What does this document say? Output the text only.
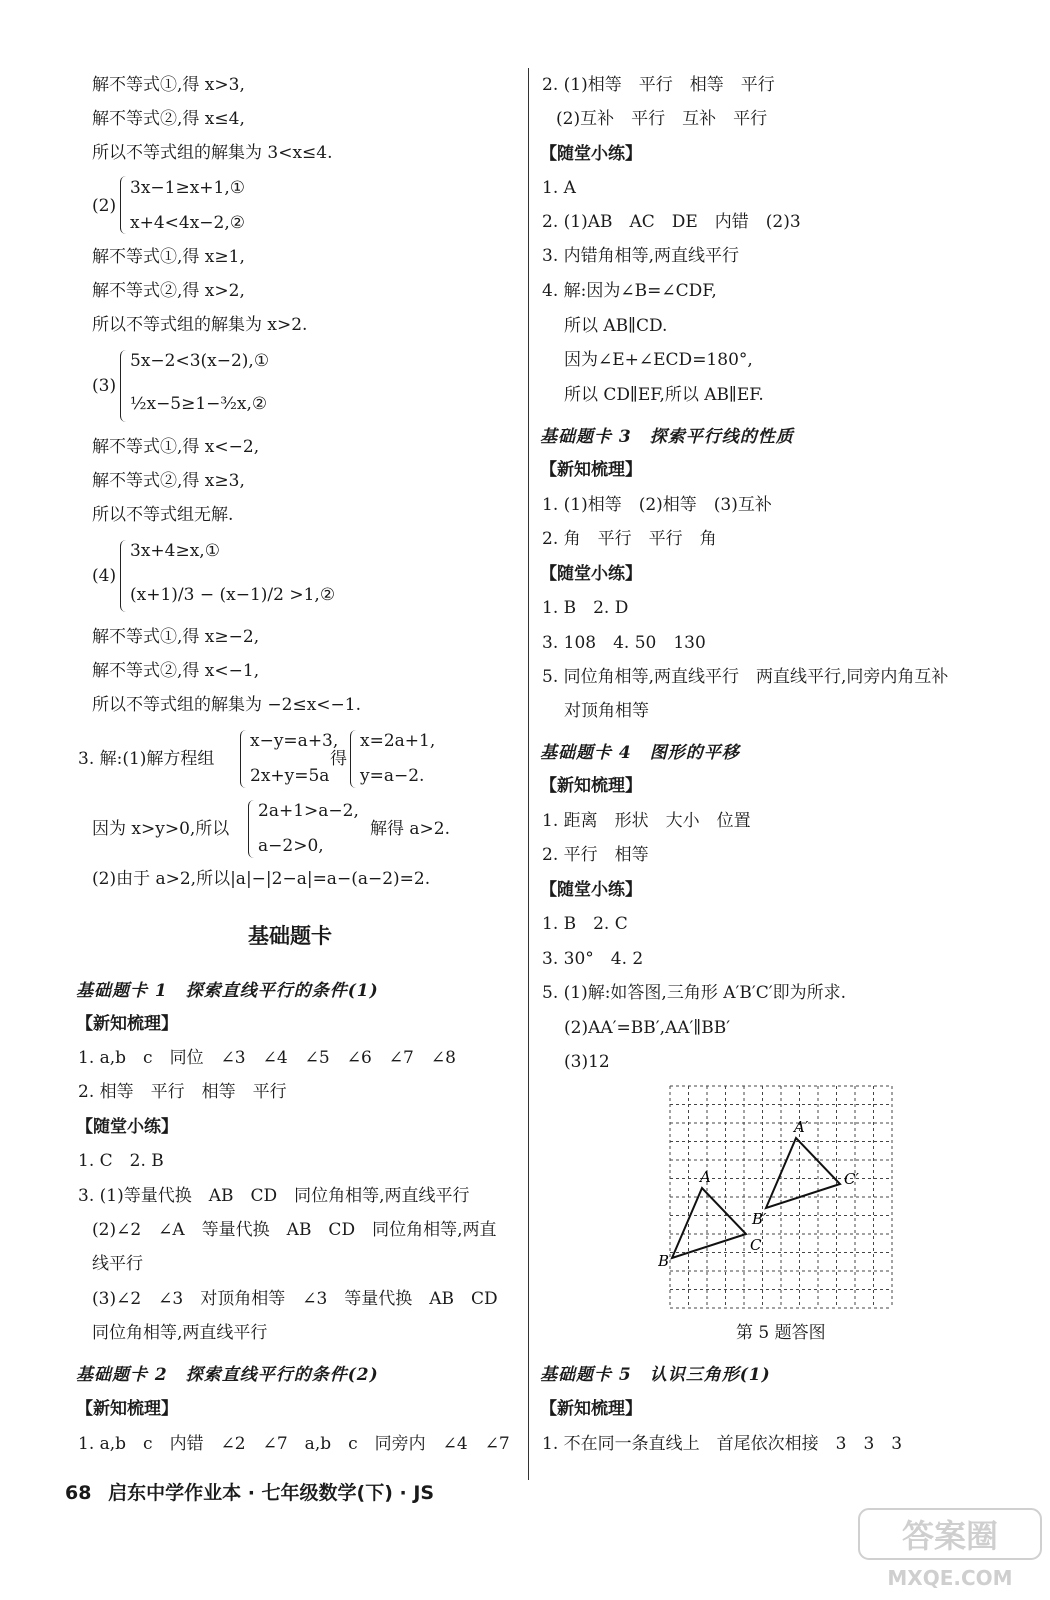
解不等式①,得 x>3,
解不等式②,得 x≤4,
所以不等式组的解集为 3<x≤4.
(2)
3x−1≥x+1,①
x+4<4x−2,②
解不等式①,得 x≥1,
解不等式②,得 x>2,
所以不等式组的解集为 x>2.
(3)
5x−2<3(x−2),①
½x−5≥1−³⁄₂x,②
解不等式①,得 x<−2,
解不等式②,得 x≥3,
所以不等式组无解.
(4)
3x+4≥x,①
(x+1)/3 − (x−1)/2 >1,②
解不等式①,得 x≥−2,
解不等式②,得 x<−1,
所以不等式组的解集为 −2≤x<−1.
3. 解:(1)解方程组
x−y=a+3,
2x+y=5a
得
x=2a+1,
y=a−2.
因为 x>y>0,所以
2a+1>a−2,
a−2>0,
解得 a>2.
(2)由于 a>2,所以|a|−|2−a|=a−(a−2)=2.
基础题卡
基础题卡 1　探索直线平行的条件(1)
【新知梳理】
1. a,b　c　同位　∠3　∠4　∠5　∠6　∠7　∠8
2. 相等　平行　相等　平行
【随堂小练】
1. C　2. B
3. (1)等量代换　AB　CD　同位角相等,两直线平行
(2)∠2　∠A　等量代换　AB　CD　同位角相等,两直
线平行
(3)∠2　∠3　对顶角相等　∠3　等量代换　AB　CD
同位角相等,两直线平行
基础题卡 2　探索直线平行的条件(2)
【新知梳理】
1. a,b　c　内错　∠2　∠7　a,b　c　同旁内　∠4　∠7
2. (1)相等　平行　相等　平行
(2)互补　平行　互补　平行
【随堂小练】
1. A
2. (1)AB　AC　DE　内错　(2)3
3. 内错角相等,两直线平行
4. 解:因为∠B=∠CDF,
所以 AB∥CD.
因为∠E+∠ECD=180°,
所以 CD∥EF,所以 AB∥EF.
基础题卡 3　探索平行线的性质
【新知梳理】
1. (1)相等　(2)相等　(3)互补
2. 角　平行　平行　角
【随堂小练】
1. B　2. D
3. 108　4. 50　130
5. 同位角相等,两直线平行　两直线平行,同旁内角互补
对顶角相等
基础题卡 4　图形的平移
【新知梳理】
1. 距离　形状　大小　位置
2. 平行　相等
【随堂小练】
1. B　2. C
3. 30°　4. 2
5. (1)解:如答图,三角形 A′B′C′即为所求.
(2)AA′=BB′,AA′∥BB′
(3)12
A
B
C
A′
B′
C′
第 5 题答图
基础题卡 5　认识三角形(1)
【新知梳理】
1. 不在同一条直线上　首尾依次相接　3　3　3
68 启东中学作业本 · 七年级数学(下) · JS
答案圈
MXQE.COM
